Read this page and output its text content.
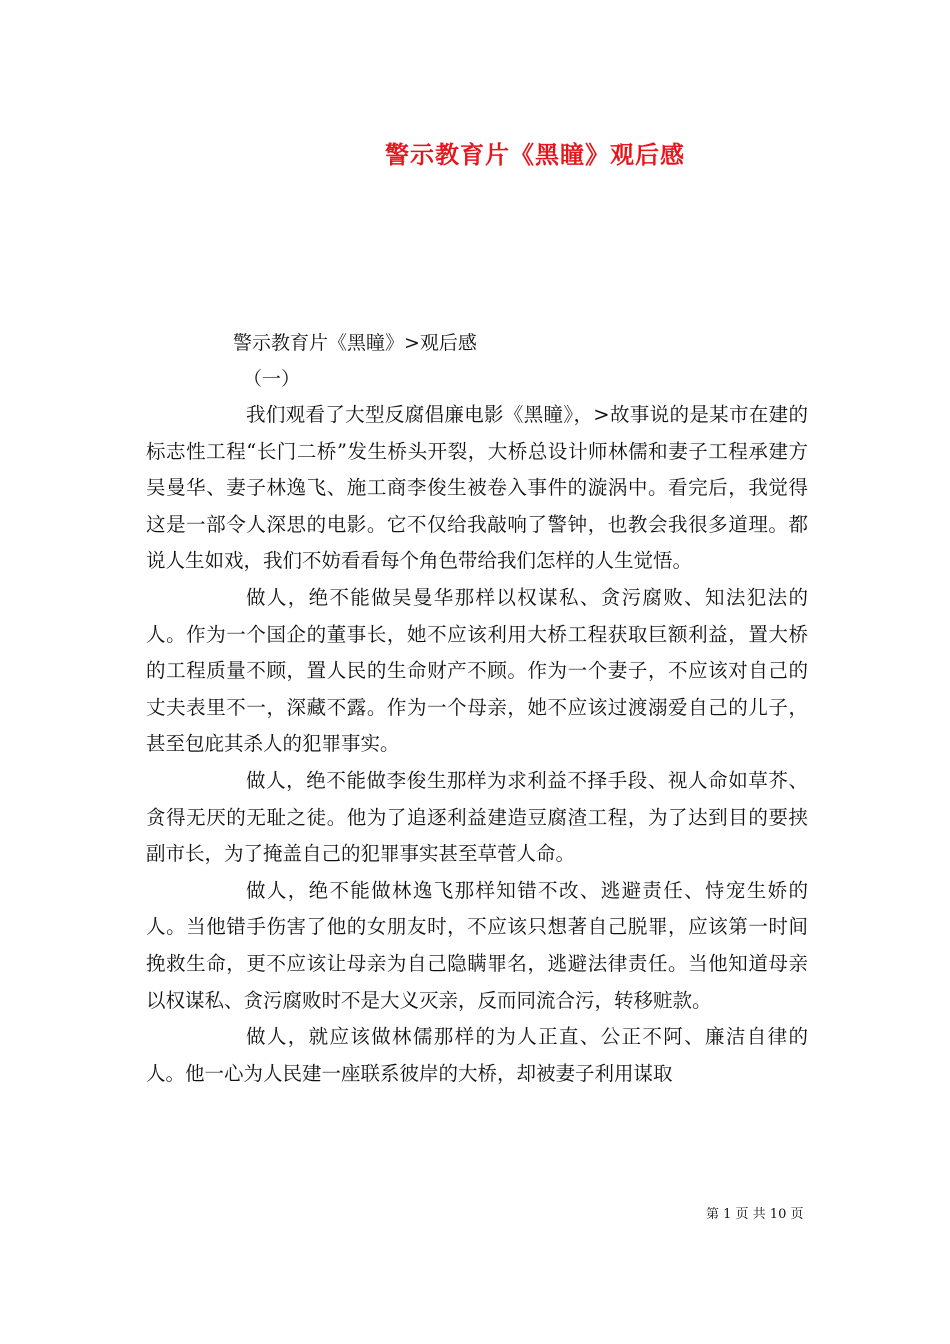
警示教育片《黑瞳》观后感

警示教育片《黑瞳》>观后感

（一）

我们观看了大型反腐倡廉电影《黑瞳》，>故事说的是某市在建的标志性工程“长门二桥”发生桥头开裂，大桥总设计师林儒和妻子工程承建方吴曼华、妻子林逸飞、施工商李俊生被卷入事件的漩涡中。看完后，我觉得这是一部令人深思的电影。它不仅给我敲响了警钟，也教会我很多道理。都说人生如戏，我们不妨看看每个角色带给我们怎样的人生觉悟。

做人，绝不能做吴曼华那样以权谋私、贪污腐败、知法犯法的人。作为一个国企的董事长，她不应该利用大桥工程获取巨额利益，置大桥的工程质量不顾，置人民的生命财产不顾。作为一个妻子，不应该对自己的丈夫表里不一，深藏不露。作为一个母亲，她不应该过渡溺爱自己的儿子，甚至包庇其杀人的犯罪事实。

做人，绝不能做李俊生那样为求利益不择手段、视人命如草芥、贪得无厌的无耻之徒。他为了追逐利益建造豆腐渣工程，为了达到目的要挟副市长，为了掩盖自己的犯罪事实甚至草菅人命。

做人，绝不能做林逸飞那样知错不改、逃避责任、恃宠生娇的人。当他错手伤害了他的女朋友时，不应该只想著自己脱罪，应该第一时间挽救生命，更不应该让母亲为自己隐瞒罪名，逃避法律责任。当他知道母亲以权谋私、贪污腐败时不是大义灭亲，反而同流合污，转移赃款。

做人，就应该做林儒那样的为人正直、公正不阿、廉洁自律的人。他一心为人民建一座联系彼岸的大桥，却被妻子利用谋取

第 1 页 共 10 页
